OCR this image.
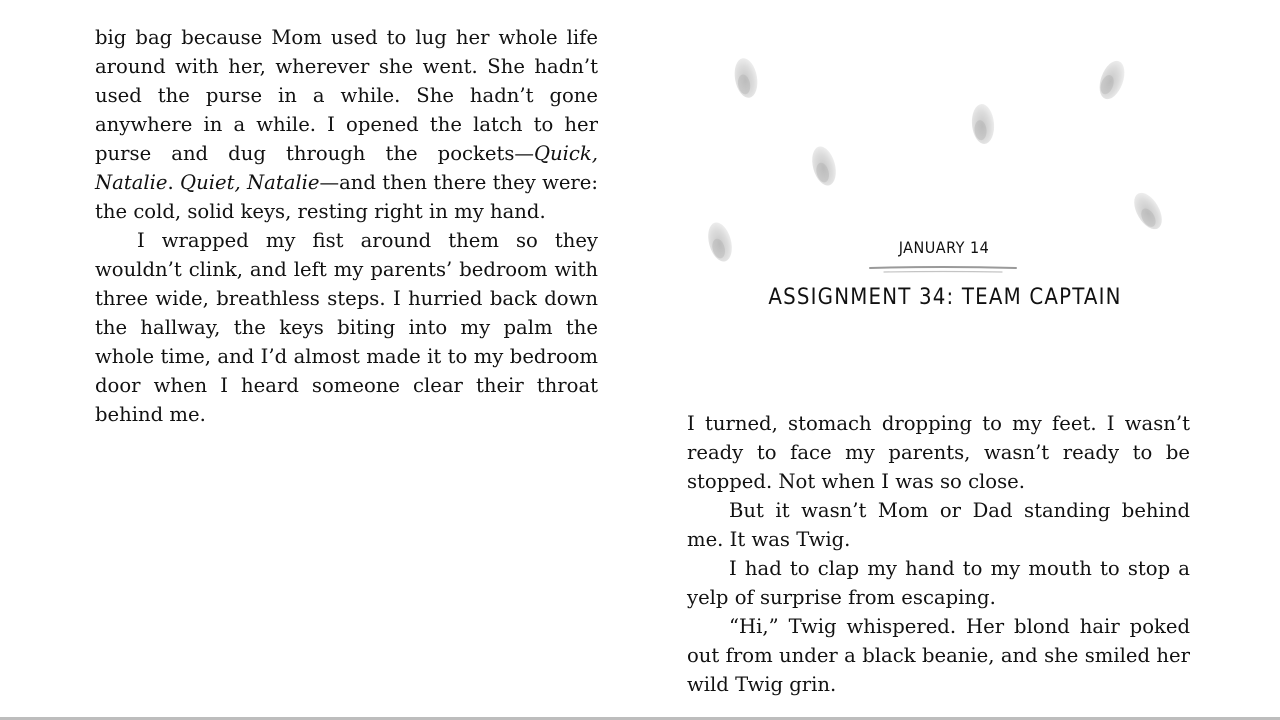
big bag because Mom used to lug her whole life around with her, wherever she went. She hadn’t used the purse in a while. She hadn’t gone anywhere in a while. I opened the latch to her purse and dug through the pockets—Quick, Natalie. Quiet, Natalie—and then there they were: the cold, solid keys, resting right in my hand.

I wrapped my fist around them so they wouldn’t clink, and left my parents’ bedroom with three wide, breathless steps. I hurried back down the hallway, the keys biting into my palm the whole time, and I’d almost made it to my bedroom door when I heard someone clear their throat behind me.

JANUARY 14
ASSIGNMENT 34: TEAM CAPTAIN

I turned, stomach dropping to my feet. I wasn’t ready to face my parents, wasn’t ready to be stopped. Not when I was so close.

But it wasn’t Mom or Dad standing behind me. It was Twig.

I had to clap my hand to my mouth to stop a yelp of surprise from escaping.

“Hi,” Twig whispered. Her blond hair poked out from under a black beanie, and she smiled her wild Twig grin.
